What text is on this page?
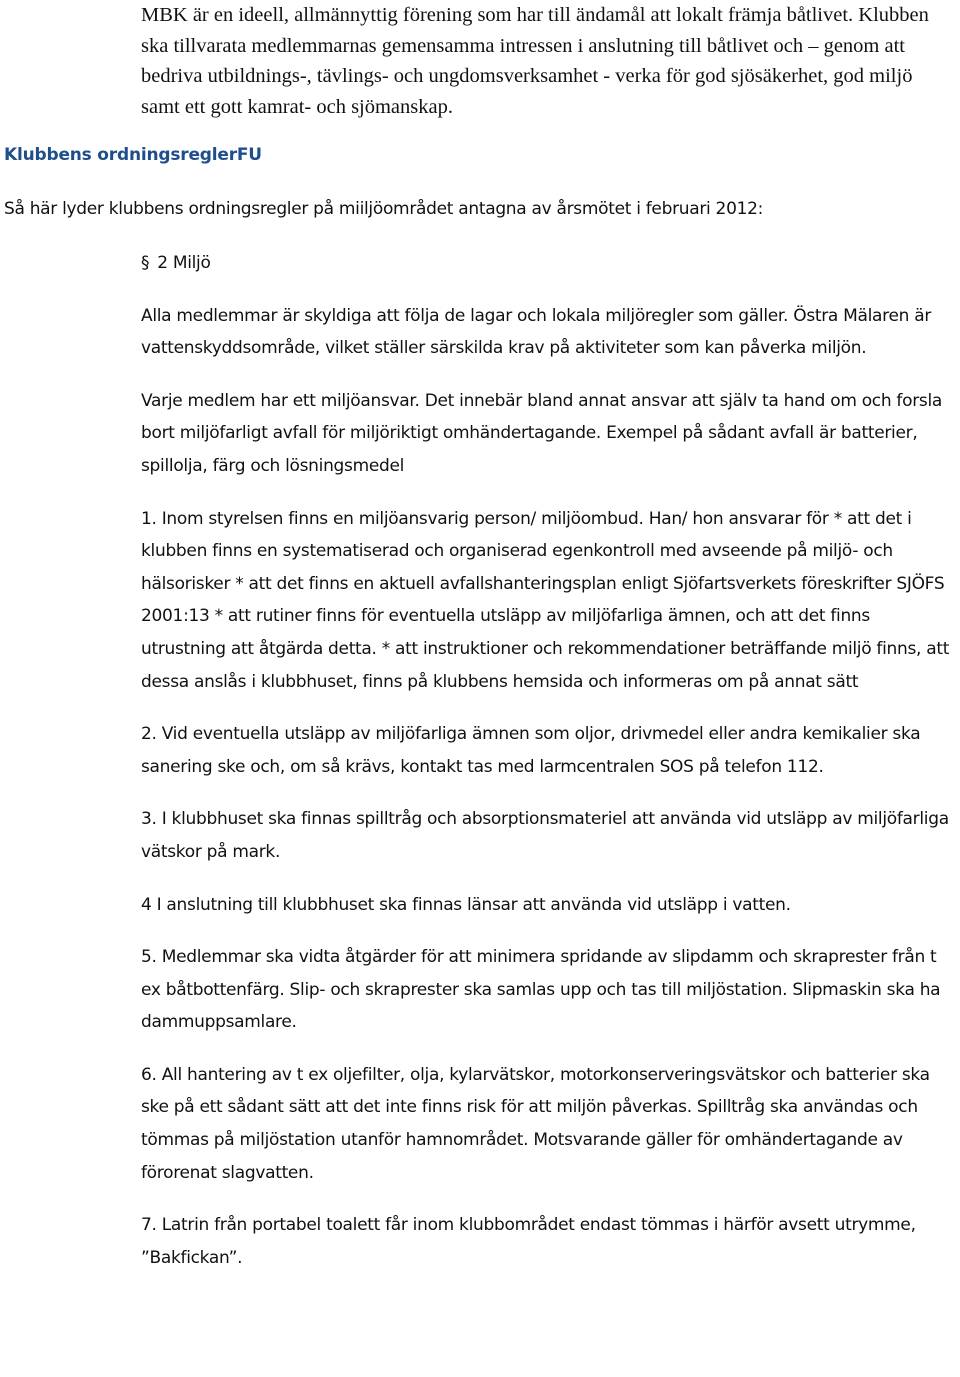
MBK är en ideell, allmännyttig förening som har till ändamål att lokalt främja båtlivet. Klubben ska tillvarata medlemmarnas gemensamma intressen i anslutning till båtlivet och – genom att bedriva utbildnings-, tävlings- och ungdomsverksamhet - verka för god sjösäkerhet, god miljö samt ett gott kamrat- och sjömanskap.
Klubbens ordningsreglerFU
Så här lyder klubbens ordningsregler på miiljöområdet antagna av årsmötet i februari 2012:

§ 2 Miljö

Alla medlemmar är skyldiga att följa de lagar och lokala miljöregler som gäller. Östra Mälaren är vattenskyddsområde, vilket ställer särskilda krav på aktiviteter som kan påverka miljön.

Varje medlem har ett miljöansvar. Det innebär bland annat ansvar att själv ta hand om och forsla bort miljöfarligt avfall för miljöriktigt omhändertagande. Exempel på sådant avfall är batterier, spillolja, färg och lösningsmedel

1. Inom styrelsen finns en miljöansvarig person/ miljöombud. Han/ hon ansvarar för * att det i klubben finns en systematiserad och organiserad egenkontroll med avseende på miljö- och hälsorisker * att det finns en aktuell avfallshanteringsplan enligt Sjöfartsverkets föreskrifter SJÖFS 2001:13 * att rutiner finns för eventuella utsläpp av miljöfarliga ämnen, och att det finns utrustning att åtgärda detta. * att instruktioner och rekommendationer beträffande miljö finns, att dessa anslås i klubbhuset, finns på klubbens hemsida och informeras om på annat sätt

2. Vid eventuella utsläpp av miljöfarliga ämnen som oljor, drivmedel eller andra kemikalier ska sanering ske och, om så krävs, kontakt tas med larmcentralen SOS på telefon 112.

3. I klubbhuset ska finnas spilltråg och absorptionsmateriel att använda vid utsläpp av miljöfarliga vätskor på mark.

4 I anslutning till klubbhuset ska finnas länsar att använda vid utsläpp i vatten.

5. Medlemmar ska vidta åtgärder för att minimera spridande av slipdamm och skraprester från t ex båtbottenfärg. Slip- och skraprester ska samlas upp och tas till miljöstation. Slipmaskin ska ha dammuppsamlare.

6. All hantering av t ex oljefilter, olja, kylarvätskor, motorkonserveringsvätskor och batterier ska ske på ett sådant sätt att det inte finns risk för att miljön påverkas. Spilltråg ska användas och tömmas på miljöstation utanför hamnområdet. Motsvarande gäller för omhändertagande av förorenat slagvatten.

7. Latrin från portabel toalett får inom klubbområdet endast tömmas i härför avsett utrymme, ”Bakfickan”.
